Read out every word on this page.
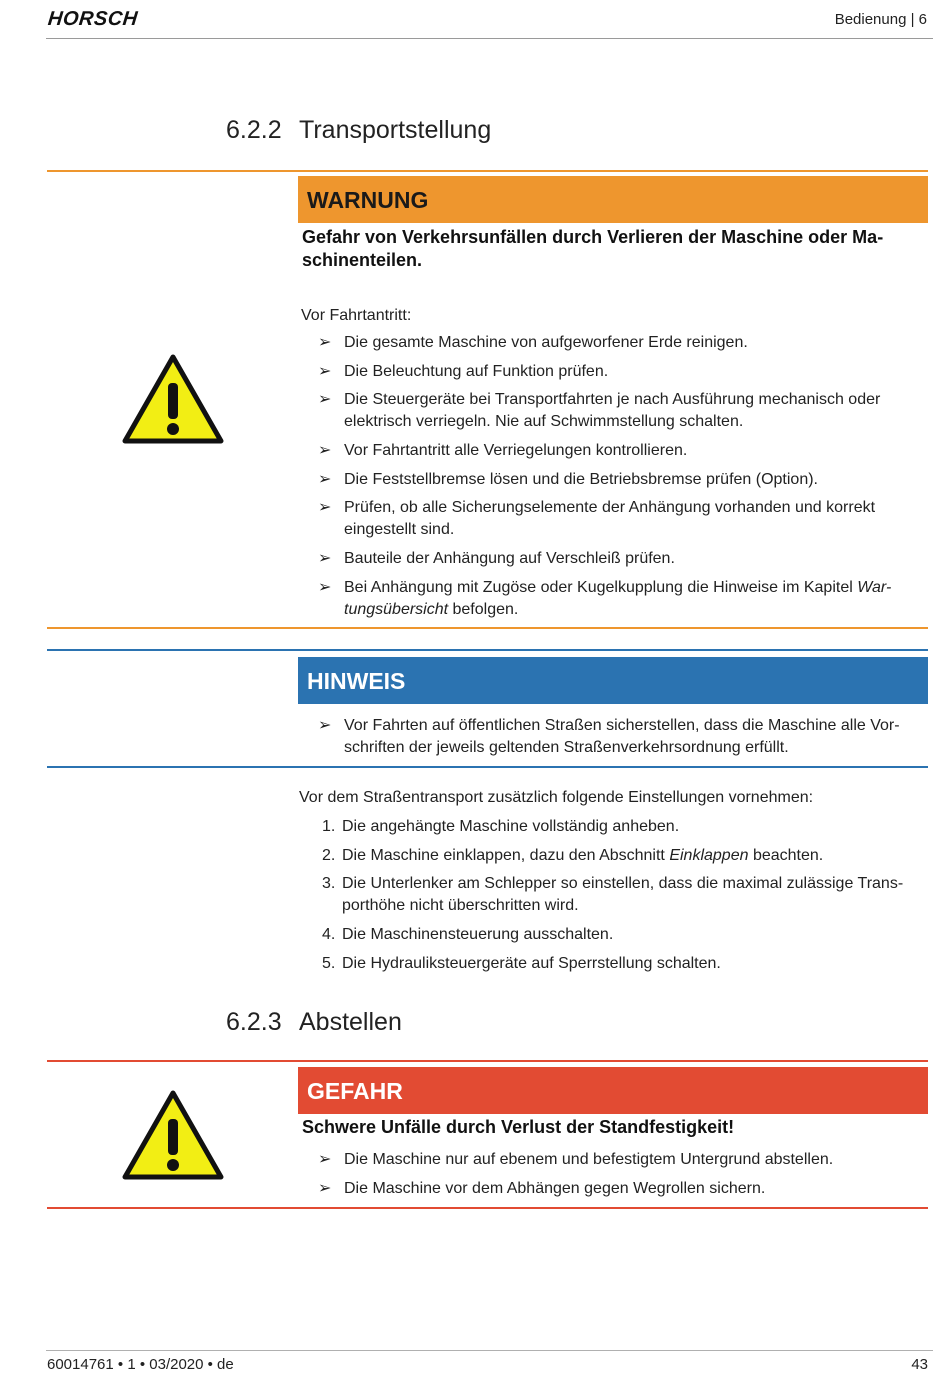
HORSCH	Bedienung | 6
6.2.2 Transportstellung
WARNUNG
Gefahr von Verkehrsunfällen durch Verlieren der Maschine oder Ma-
schinenteilen.

Vor Fahrtantritt:

➢ Die gesamte Maschine von aufgeworfener Erde reinigen.
➢ Die Beleuchtung auf Funktion prüfen.
➢ Die Steuergeräte bei Transportfahrten je nach Ausführung mechanisch oder
elektrisch verriegeln. Nie auf Schwimmstellung schalten.
➢ Vor Fahrtantritt alle Verriegelungen kontrollieren.
➢ Die Feststellbremse lösen und die Betriebsbremse prüfen (Option).
➢ Prüfen, ob alle Sicherungselemente der Anhängung vorhanden und korrekt
eingestellt sind.
➢ Bauteile der Anhängung auf Verschleiß prüfen.
➢ Bei Anhängung mit Zugöse oder Kugelkupplung die Hinweise im Kapitel War-
tungsübersicht befolgen.
HINWEIS
➢ Vor Fahrten auf öffentlichen Straßen sicherstellen, dass die Maschine alle Vor-
schriften der jeweils geltenden Straßenverkehrsordnung erfüllt.

Vor dem Straßentransport zusätzlich folgende Einstellungen vornehmen:

1. Die angehängte Maschine vollständig anheben.
2. Die Maschine einklappen, dazu den Abschnitt Einklappen beachten.
3. Die Unterlenker am Schlepper so einstellen, dass die maximal zulässige Trans-
porthöhe nicht überschritten wird.
4. Die Maschinensteuerung ausschalten.
5. Die Hydrauliksteuergeräte auf Sperrstellung schalten.
6.2.3 Abstellen
GEFAHR
Schwere Unfälle durch Verlust der Standfestigkeit!
➢ Die Maschine nur auf ebenem und befestigtem Untergrund abstellen.
➢ Die Maschine vor dem Abhängen gegen Wegrollen sichern.
60014761 • 1 • 03/2020 • de	43
